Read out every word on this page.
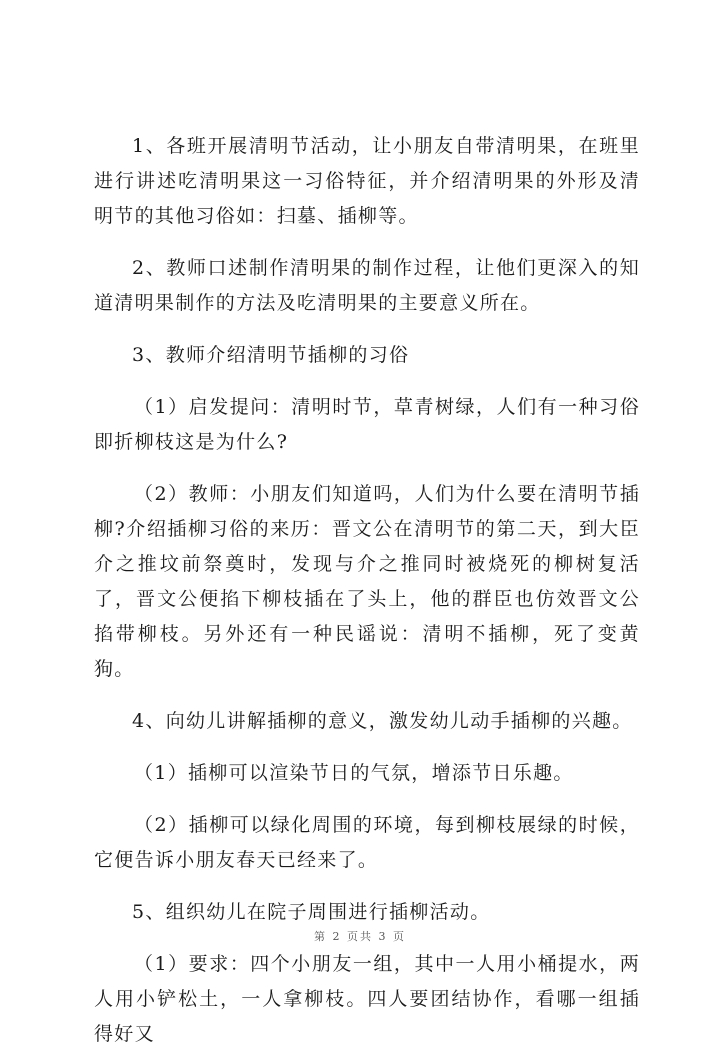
1、各班开展清明节活动，让小朋友自带清明果，在班里进行讲述吃清明果这一习俗特征，并介绍清明果的外形及清明节的其他习俗如：扫墓、插柳等。

2、教师口述制作清明果的制作过程，让他们更深入的知道清明果制作的方法及吃清明果的主要意义所在。

3、教师介绍清明节插柳的习俗

（1）启发提问：清明时节，草青树绿，人们有一种习俗即折柳枝这是为什么?

（2）教师：小朋友们知道吗，人们为什么要在清明节插柳?介绍插柳习俗的来历：晋文公在清明节的第二天，到大臣介之推坟前祭奠时，发现与介之推同时被烧死的柳树复活了，晋文公便掐下柳枝插在了头上，他的群臣也仿效晋文公掐带柳枝。另外还有一种民谣说：清明不插柳，死了变黄狗。

4、向幼儿讲解插柳的意义，激发幼儿动手插柳的兴趣。

（1）插柳可以渲染节日的气氛，增添节日乐趣。

（2）插柳可以绿化周围的环境，每到柳枝展绿的时候，它便告诉小朋友春天已经来了。

5、组织幼儿在院子周围进行插柳活动。

（1）要求：四个小朋友一组，其中一人用小桶提水，两人用小铲松土，一人拿柳枝。四人要团结协作，看哪一组插得好又

第 2 页共 3 页
